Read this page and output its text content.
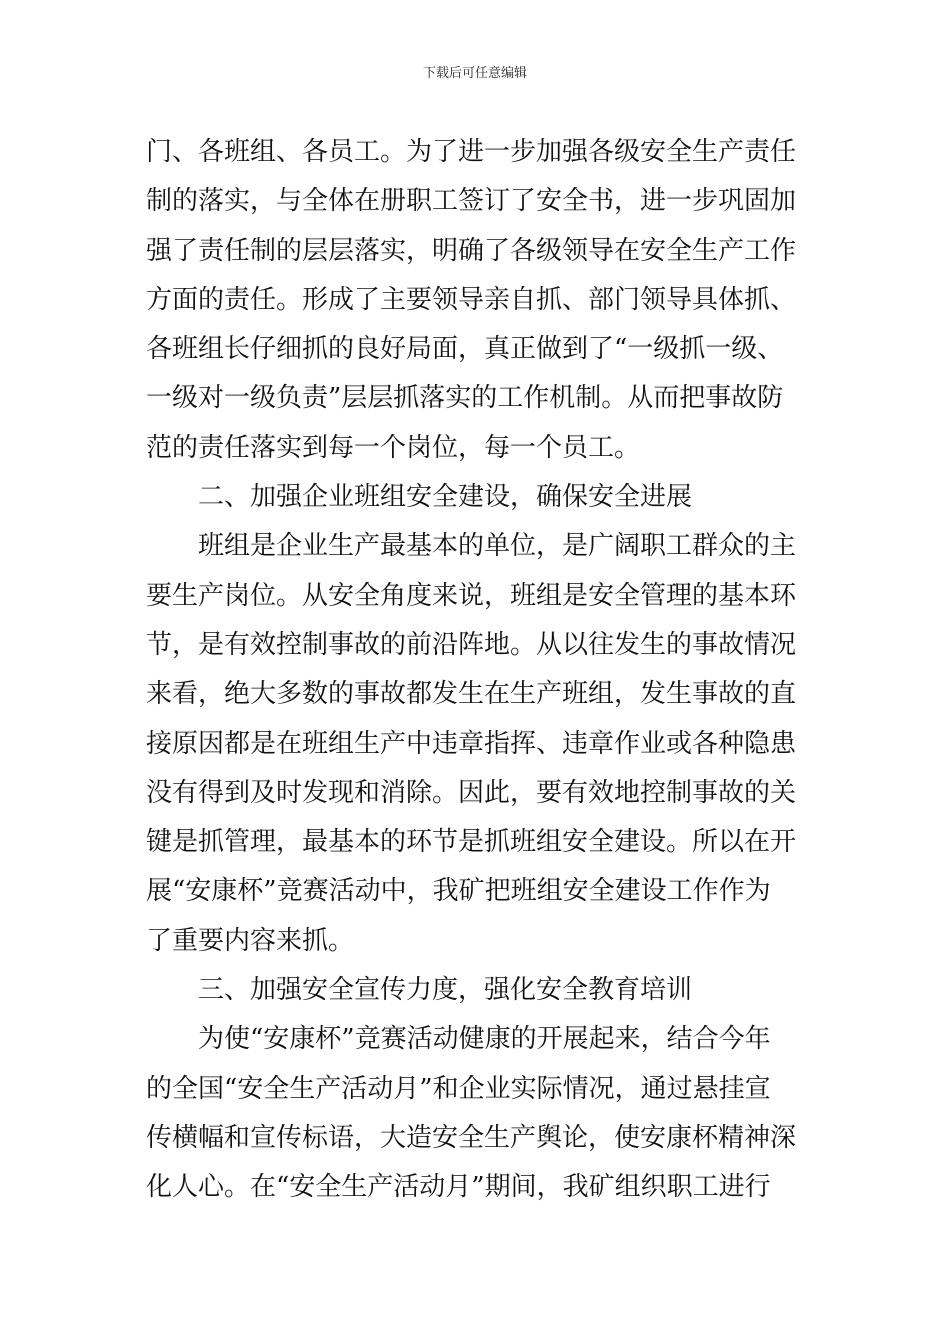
下载后可任意编辑
门、各班组、各员工。为了进一步加强各级安全生产责任
制的落实，与全体在册职工签订了安全书，进一步巩固加
强了责任制的层层落实，明确了各级领导在安全生产工作
方面的责任。形成了主要领导亲自抓、部门领导具体抓、
各班组长仔细抓的良好局面，真正做到了“一级抓一级、
一级对一级负责”层层抓落实的工作机制。从而把事故防
范的责任落实到每一个岗位，每一个员工。
二、加强企业班组安全建设，确保安全进展
班组是企业生产最基本的单位，是广阔职工群众的主
要生产岗位。从安全角度来说，班组是安全管理的基本环
节，是有效控制事故的前沿阵地。从以往发生的事故情况
来看，绝大多数的事故都发生在生产班组，发生事故的直
接原因都是在班组生产中违章指挥、违章作业或各种隐患
没有得到及时发现和消除。因此，要有效地控制事故的关
键是抓管理，最基本的环节是抓班组安全建设。所以在开
展“安康杯”竞赛活动中，我矿把班组安全建设工作作为
了重要内容来抓。
三、加强安全宣传力度，强化安全教育培训
为使“安康杯”竞赛活动健康的开展起来，结合今年
的全国“安全生产活动月”和企业实际情况，通过悬挂宣
传横幅和宣传标语，大造安全生产舆论，使安康杯精神深
化人心。在“安全生产活动月”期间，我矿组织职工进行
